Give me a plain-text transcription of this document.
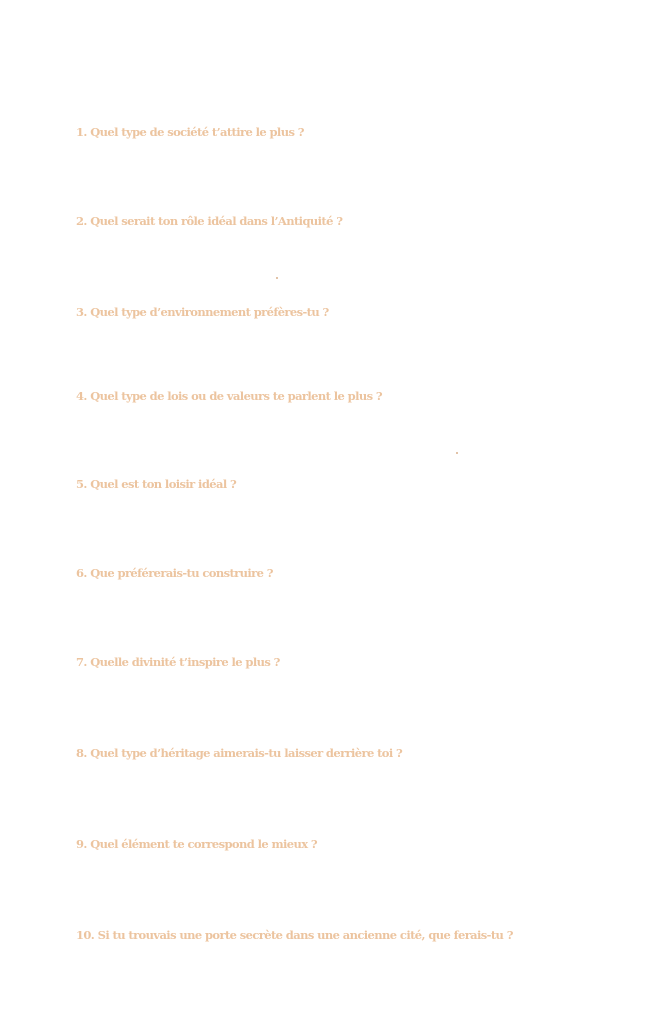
1. Quel type de société t’attire le plus ?

2. Quel serait ton rôle idéal dans l’Antiquité ?

3. Quel type d’environnement préfères-tu ?

4. Quel type de lois ou de valeurs te parlent le plus ?

5. Quel est ton loisir idéal ?

6. Que préférerais-tu construire ?

7. Quelle divinité t’inspire le plus ?

8. Quel type d’héritage aimerais-tu laisser derrière toi ?

9. Quel élément te correspond le mieux ?

10. Si tu trouvais une porte secrète dans une ancienne cité, que ferais-tu ?
